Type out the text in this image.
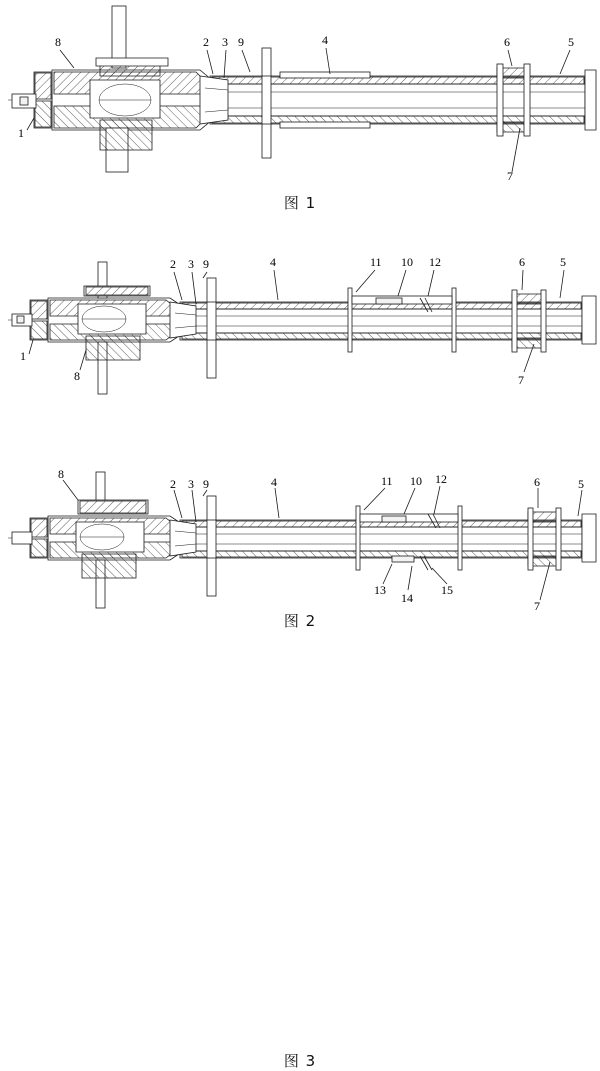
8	2 3 9	4	6	5
1
7
图 1
2 3 9	4	11 10 12	6	5
1
8	7
图 2
8
2 3 9	4	11 10 12	6	5
13
14
15
7
图 3
